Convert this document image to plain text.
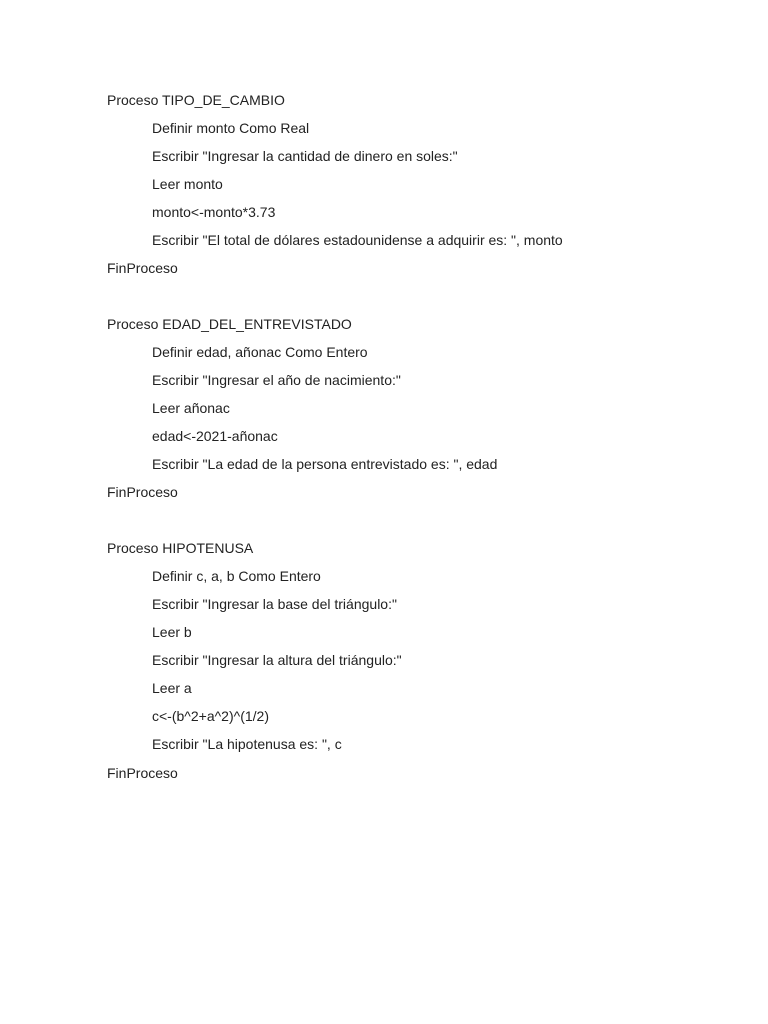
Proceso TIPO_DE_CAMBIO
Definir monto Como Real
Escribir "Ingresar la cantidad de dinero en soles:"
Leer monto
monto<-monto*3.73
Escribir "El total de dólares estadounidense a adquirir es: ", monto
FinProceso
Proceso EDAD_DEL_ENTREVISTADO
Definir edad, añonac Como Entero
Escribir "Ingresar el año de nacimiento:"
Leer añonac
edad<-2021-añonac
Escribir "La edad de la persona entrevistado es: ", edad
FinProceso
Proceso HIPOTENUSA
Definir c, a, b Como Entero
Escribir "Ingresar la base del triángulo:"
Leer b
Escribir "Ingresar la altura del triángulo:"
Leer a
c<-(b^2+a^2)^(1/2)
Escribir "La hipotenusa es: ", c
FinProceso
